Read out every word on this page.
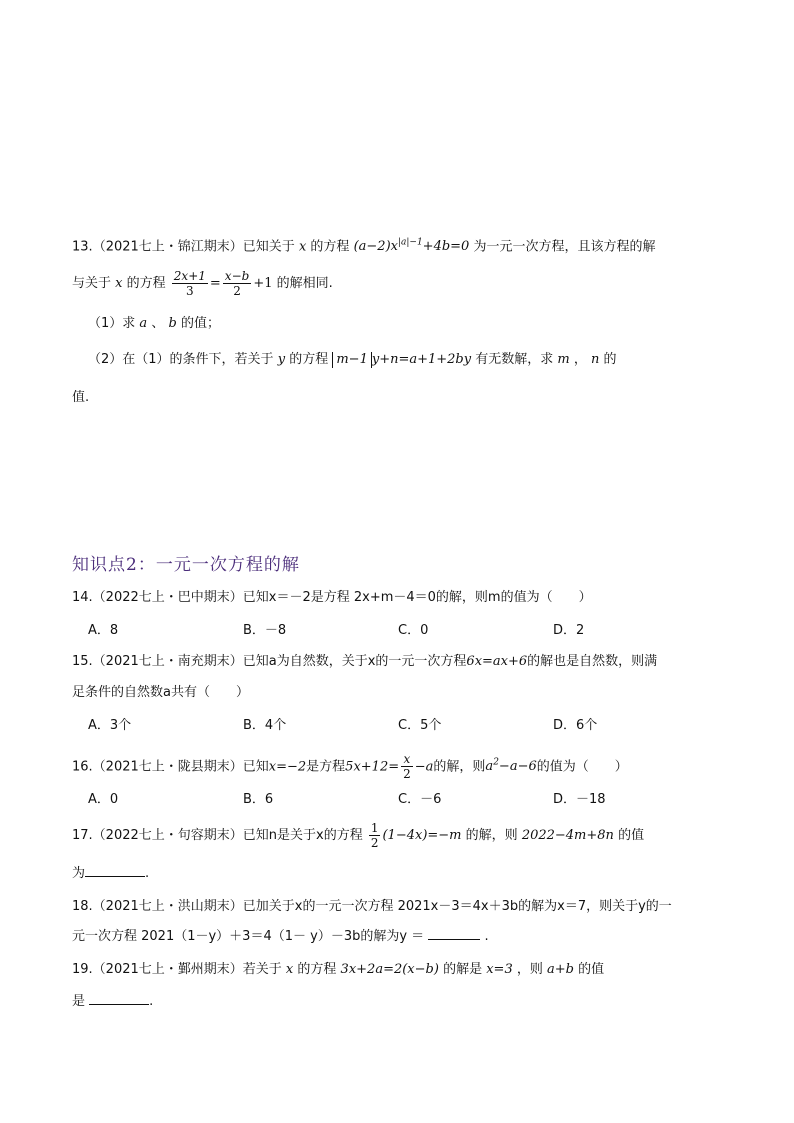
13.（2021七上・锦江期末）已知关于 x 的方程 $(a-2)x^{|a|-1}+4b=0$ 为一元一次方程，且该方程的解
与关于 x 的方程 $\frac{2x+1}{3} = \frac{x-b}{2} +1$ 的解相同.
（1）求 a 、 b 的值；
（2）在（1）的条件下，若关于 y 的方程 m−1 y+n=a+1+2by 有无数解，求 m ， n 的
值.
知识点2：一元一次方程的解
14.（2022七上・巴中期末）已知x＝－2是方程 2x+m－4＝0的解，则m的值为（　　）
A．8	B．－8	C．0	D．2
15.（2021七上・南充期末）已知a为自然数，关于x的一元一次方程6x=ax+6的解也是自然数，则满
足条件的自然数a共有（　　）
A．3个	B．4个	C．5个	D．6个
16.（2021七上・陇县期末）已知x=−2是方程$5x+12= \frac{x}{2} -a$的解，则$a^2-a-6$的值为（　　）
A．0	B．6	C．－6	D．－18
17.（2022七上・句容期末）已知n是关于x的方程 $\frac{1}{2} (1-4x)=-m$ 的解，则 2022−4m+8n 的值
为	.
18.（2021七上・洪山期末）已加关于x的一元一次方程 2021x－3＝4x＋3b的解为x＝7，则关于y的一
元一次方程 2021（1－y）＋3＝4（1－ y）－3b的解为y ＝	.
19.（2021七上・鄞州期末）若关于 x 的方程 3x+2a=2(x−b) 的解是 x=3 ，则 a+b 的值
是	.
